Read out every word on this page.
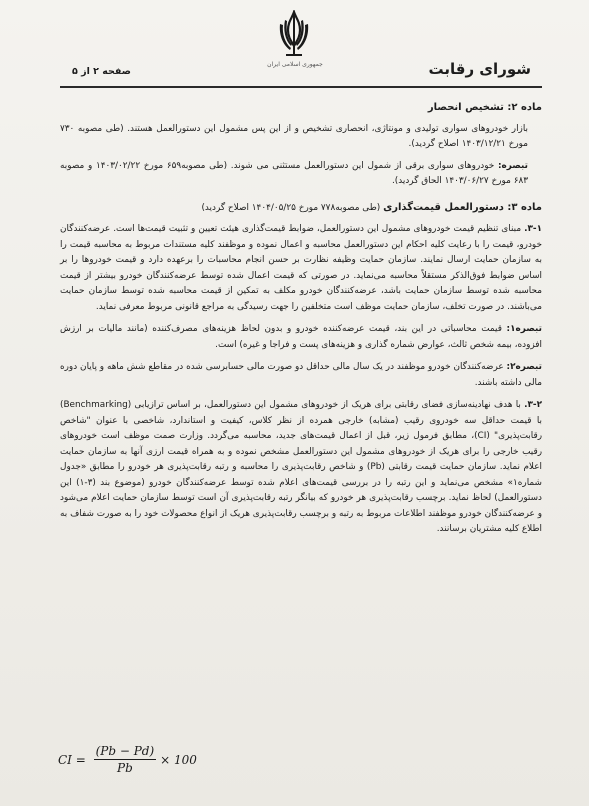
جمهوری اسلامی ایران	شورای رقابت
صفحه ۲ از ۵

ماده ۲: تشخیص انحصار

بازار خودروهای سواری تولیدی و مونتاژی، انحصاری تشخیص و از این پس مشمول این دستورالعمل هستند. (طی مصوبه ۷۳۰ مورخ ۱۴۰۳/۱۲/۲۱ اصلاح گردید).

تبصره: خودروهای سواری برقی از شمول این دستورالعمل مستثنی می شوند. (طی مصوبه۶۵۹ مورخ ۱۴۰۳/۰۲/۲۲ و مصوبه ۶۸۳ مورخ ۱۴۰۳/۰۶/۲۷ الحاق گردید).

ماده ۳: دستورالعمل قیمت‌گذاری (طی مصوبه۷۷۸ مورخ ۱۴۰۴/۰۵/۲۵ اصلاح گردید)

۳-۱. مبنای تنظیم قیمت خودروهای مشمول این دستورالعمل، ضوابط قیمت‌گذاری هیئت تعیین و تثبیت قیمت‌ها است. عرضه‌کنندگان خودرو، قیمت را با رعایت کلیه احکام این دستورالعمل محاسبه و اعمال نموده و موظفند کلیه مستندات مربوط به محاسبه قیمت را به سازمان حمایت ارسال نمایند. سازمان حمایت وظیفه نظارت بر حسن انجام محاسبات را برعهده دارد و قیمت خودروها را بر اساس ضوابط فوق‌الذکر مستقلاً محاسبه می‌نماید. در صورتی که قیمت اعمال شده توسط عرضه‌کنندگان خودرو بیشتر از قیمت محاسبه شده توسط سازمان حمایت باشد، عرضه‌کنندگان خودرو مکلف به تمکین از قیمت محاسبه شده توسط سازمان حمایت می‌باشند. در صورت تخلف، سازمان حمایت موظف است متخلفین را جهت رسیدگی به مراجع قانونی مربوط معرفی نماید.

تبصره۱: قیمت محاسباتی در این بند، قیمت عرضه‌کننده خودرو و بدون لحاظ هزینه‌های مصرف‌کننده (مانند مالیات بر ارزش افزوده، بیمه شخص ثالث، عوارض شماره گذاری و هزینه‌های پست و فراجا و غیره) است.

تبصره۲: عرضه‌کنندگان خودرو موظفند در یک سال مالی حداقل دو صورت مالی حسابرسی شده در مقاطع شش ماهه و پایان دوره مالی داشته باشند.

۳-۲. با هدف نهادینه‌سازی فضای رقابتی برای هریک از خودروهای مشمول این دستورالعمل، بر اساس ترازیابی (Benchmarking) با قیمت حداقل سه خودروی رقیب (مشابه) خارجی همرده از نظر کلاس، کیفیت و استاندارد، شاخصی با عنوان "شاخص رقابت‌پذیری" (CI)، مطابق فرمول زیر، قبل از اعمال قیمت‌های جدید، محاسبه می‌گردد. وزارت صمت موظف است خودروهای رقیب خارجی را برای هریک از خودروهای مشمول این دستورالعمل مشخص نموده و به همراه قیمت ارزی آنها به سازمان حمایت اعلام نماید. سازمان حمایت قیمت رقابتی (Pb) و شاخص رقابت‌پذیری را محاسبه و رتبه رقابت‌پذیری هر خودرو را مطابق «جدول شماره۱» مشخص می‌نماید و این رتبه را در بررسی قیمت‌های اعلام شده توسط عرضه‌کنندگان خودرو (موضوع بند (۳-۱) این دستورالعمل) لحاظ نماید. برچسب رقابت‌پذیری هر خودرو که بیانگر رتبه رقابت‌پذیری آن است توسط سازمان حمایت اعلام می‌شود و عرضه‌کنندگان خودرو موظفند اطلاعات مربوط به رتبه و برچسب رقابت‌پذیری هریک از انواع محصولات خود را به صورت شفاف به اطلاع کلیه مشتریان برسانند.

CI = $\frac{(Pb - Pd)}{Pb} \times 100$
